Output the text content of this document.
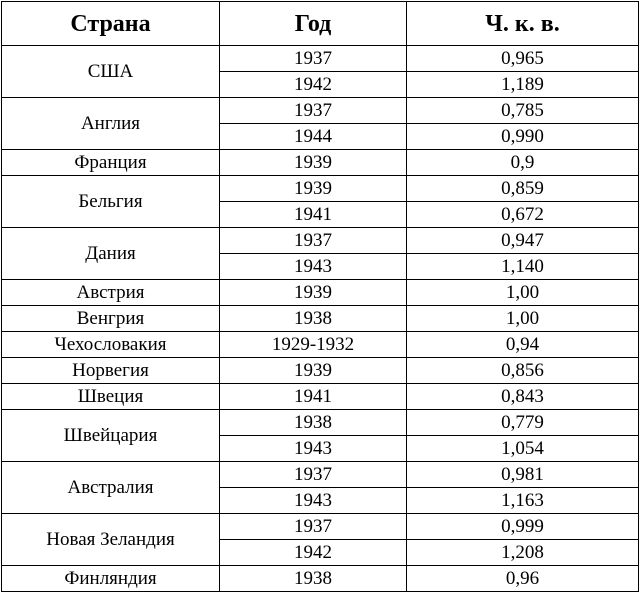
Страна	Год	Ч. к. в.
США	1937	0,965
	1942	1,189
Англия	1937	0,785
	1944	0,990
Франция	1939	0,9
Бельгия	1939	0,859
	1941	0,672
Дания	1937	0,947
	1943	1,140
Австрия	1939	1,00
Венгрия	1938	1,00
Чехословакия	1929-1932	0,94
Норвегия	1939	0,856
Швеция	1941	0,843
Швейцария	1938	0,779
	1943	1,054
Австралия	1937	0,981
	1943	1,163
Новая Зеландия	1937	0,999
	1942	1,208
Финляндия	1938	0,96
